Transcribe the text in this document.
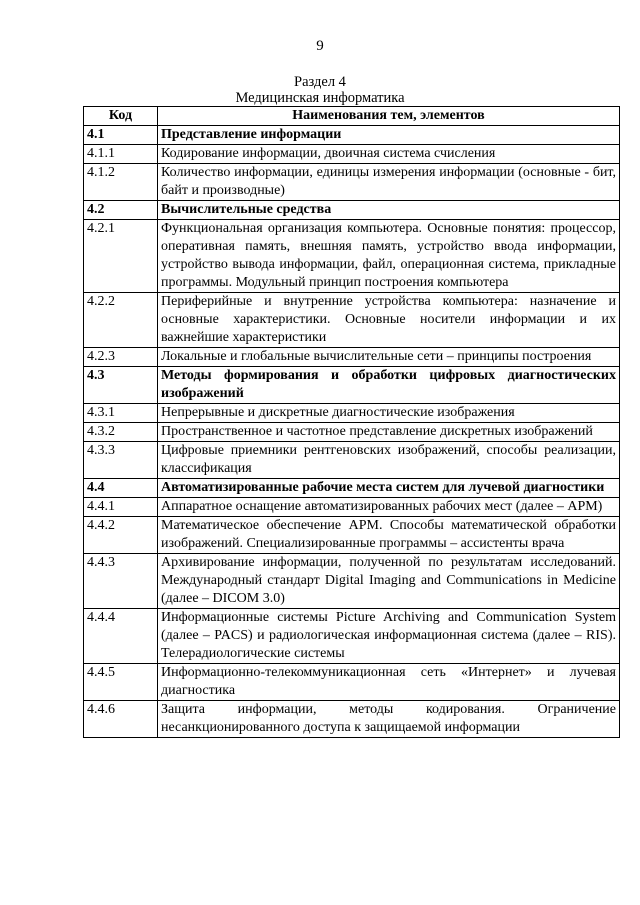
9
Раздел 4
Медицинская информатика
Код	Наименования тем, элементов
4.1	Представление информации
4.1.1	Кодирование информации, двоичная система счисления
4.1.2	Количество информации, единицы измерения информации (основные - бит, байт и производные)
4.2	Вычислительные средства
4.2.1	Функциональная организация компьютера. Основные понятия: процессор, оперативная память, внешняя память, устройство ввода информации, устройство вывода информации, файл, операционная система, прикладные программы. Модульный принцип построения компьютера
4.2.2	Периферийные и внутренние устройства компьютера: назначение и основные характеристики. Основные носители информации и их важнейшие характеристики
4.2.3	Локальные и глобальные вычислительные сети – принципы построения
4.3	Методы формирования и обработки цифровых диагностических изображений
4.3.1	Непрерывные и дискретные диагностические изображения
4.3.2	Пространственное и частотное представление дискретных изображений
4.3.3	Цифровые приемники рентгеновских изображений, способы реализации, классификация
4.4	Автоматизированные рабочие места систем для лучевой диагностики
4.4.1	Аппаратное оснащение автоматизированных рабочих мест (далее – АРМ)
4.4.2	Математическое обеспечение АРМ. Способы математической обработки изображений. Специализированные программы – ассистенты врача
4.4.3	Архивирование информации, полученной по результатам исследований. Международный стандарт Digital Imaging and Communications in Medicine (далее – DICOM 3.0)
4.4.4	Информационные системы Picture Archiving and Communication System (далее – PACS) и радиологическая информационная система (далее – RIS). Телерадиологические системы
4.4.5	Информационно-телекоммуникационная сеть «Интернет» и лучевая диагностика
4.4.6	Защита информации, методы кодирования. Ограничение несанкционированного доступа к защищаемой информации
